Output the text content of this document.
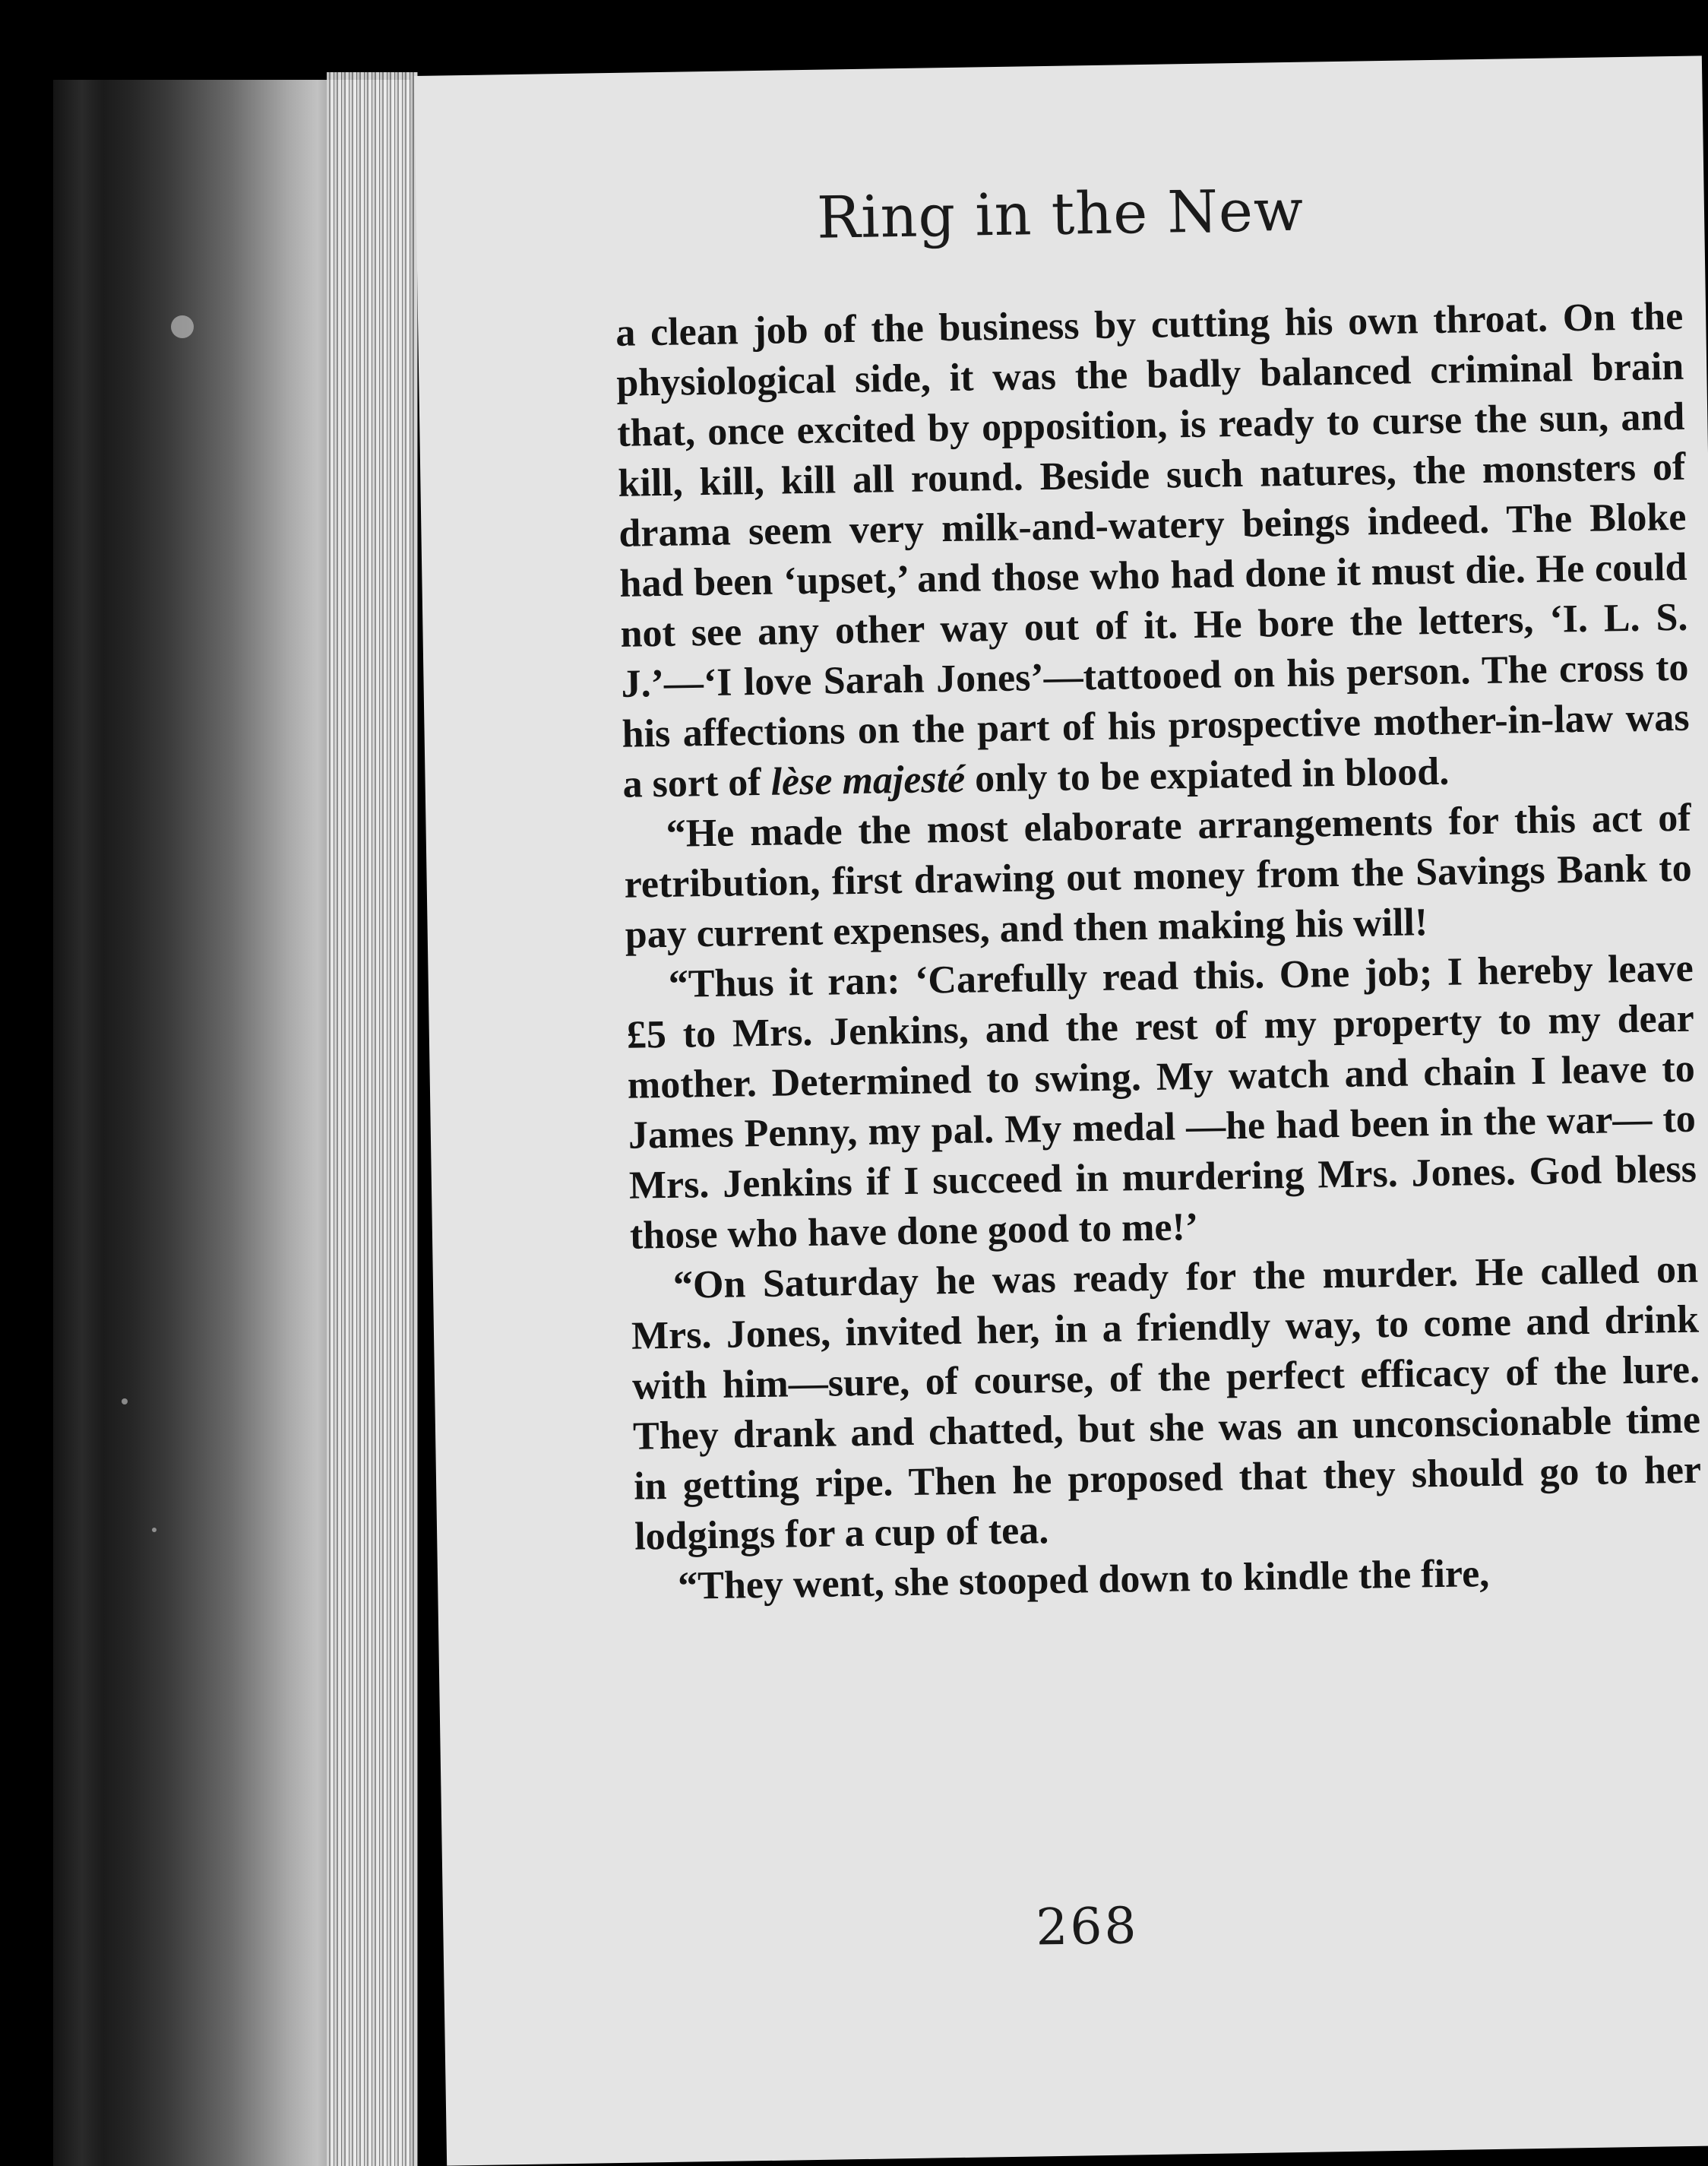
Ring in the New

a clean job of the business by cutting his own throat. On the physiological side, it was the badly balanced criminal brain that, once excited by opposition, is ready to curse the sun, and kill, kill, kill all round. Beside such natures, the monsters of drama seem very milk-and-watery beings indeed. The Bloke had been ‘upset,’ and those who had done it must die. He could not see any other way out of it. He bore the letters, ‘I. L. S. J.’—‘I love Sarah Jones’—tattooed on his person. The cross to his affections on the part of his prospective mother-in-law was a sort of lèse majesté only to be expiated in blood.

“He made the most elaborate arrangements for this act of retribution, first drawing out money from the Savings Bank to pay current expenses, and then making his will!

“Thus it ran: ‘Carefully read this. One job; I hereby leave £5 to Mrs. Jenkins, and the rest of my property to my dear mother. Determined to swing. My watch and chain I leave to James Penny, my pal. My medal —he had been in the war— to Mrs. Jenkins if I succeed in murdering Mrs. Jones. God bless those who have done good to me!’

“On Saturday he was ready for the murder. He called on Mrs. Jones, invited her, in a friendly way, to come and drink with him—sure, of course, of the perfect efficacy of the lure. They drank and chatted, but she was an unconscionable time in getting ripe. Then he proposed that they should go to her lodgings for a cup of tea.

“They went, she stooped down to kindle the fire,

268
